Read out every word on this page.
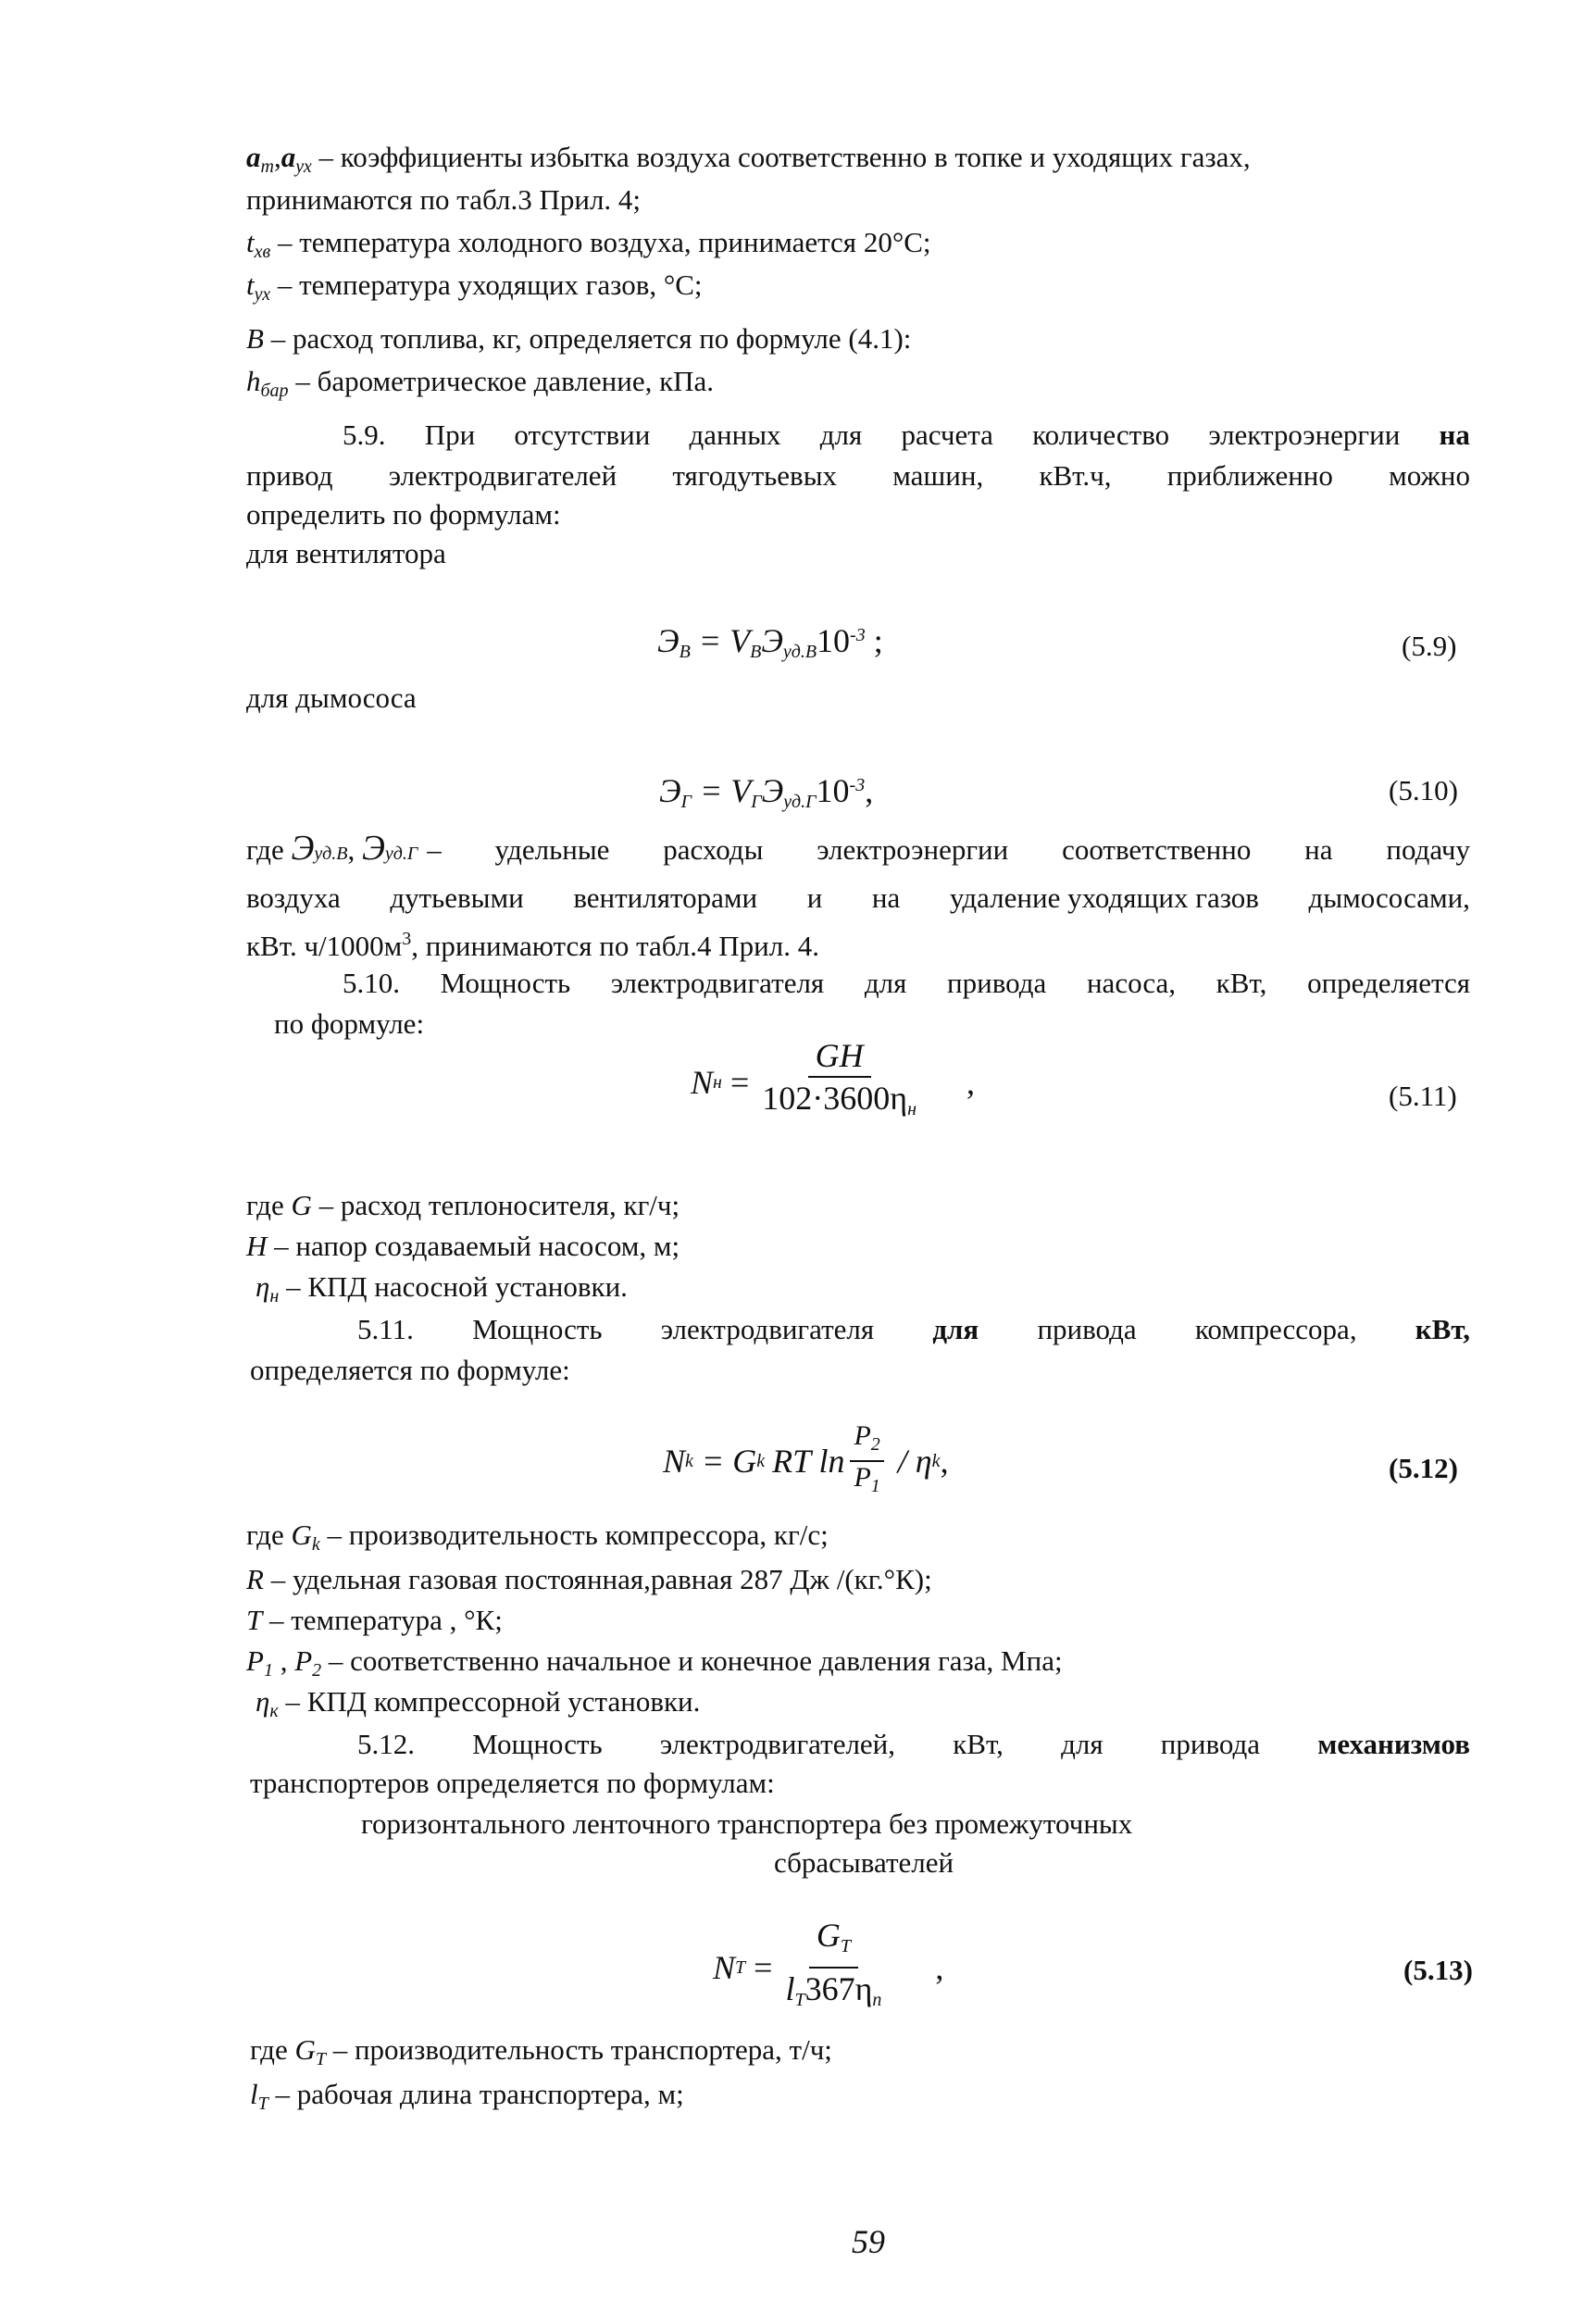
$a_т,a_{ух}$ – коэффициенты избытка воздуха соответственно в топке и уходящих газах,
принимаются по табл.3 Прил. 4;
$t_{хв}$ – температура холодного воздуха, принимается 20°С;
$t_{ух}$ – температура уходящих газов, °С;
B – расход топлива, кг, определяется по формуле (4.1):
$h_{бар}$ – барометрическое давление, кПа.
5.9. При отсутствии данных для расчета количество электроэнергии на
привод электродвигателей тягодутьевых машин, кВт.ч, приближенно можно
определить по формулам:
для вентилятора
$Э_В = V_ВЭ_{уд.В}10^{-3}$ ;	(5.9)
для дымососа
$Э_Г = V_ГЭ_{уд.Г}10^{-3}$,	(5.10)
где Э уд.В , Э уд.Г – удельные расходы электроэнергии соответственно на подачу
воздуха дутьевыми вентиляторами и на удаление уходящих газов дымососами,
кВт. $ч/1000м^3$, принимаются по табл.4 Прил. 4.
5.10. Мощность электродвигателя для привода насоса, кВт, определяется
по формуле:
N $н = \frac{GH}{102\cdot 3600\eta_н}$ ,	(5.11)
где G – расход теплоносителя, кг/ч;
H – напор создаваемый насосом, м;
$\eta_н$ – КПД насосной установки.
5.11. Мощность электродвигателя для привода компрессора, кВт,
определяется по формуле:
N k = G k RT $\ln \frac{P_2}{P_1}$ / η k ,	(5.12)
где $G_k$ – производительность компрессора, кг/с;
R – удельная газовая постоянная,равная 287 Дж /(кг.°К);
T – температура , °К;
$P_1$ , $P_2$ – соответственно начальное и конечное давления газа, Мпа;
$\eta_к$ – КПД компрессорной установки.
5.12. Мощность электродвигателей, кВт, для привода механизмов
транспортеров определяется по формулам:
горизонтального ленточного транспортера без промежуточных
сбрасывателей
N $T = \frac{G_T}{l_T367\eta_п}$ ,	(5.13)
где $G_T$ – производительность транспортера, т/ч;
$l_T$ – рабочая длина транспортера, м;
59
